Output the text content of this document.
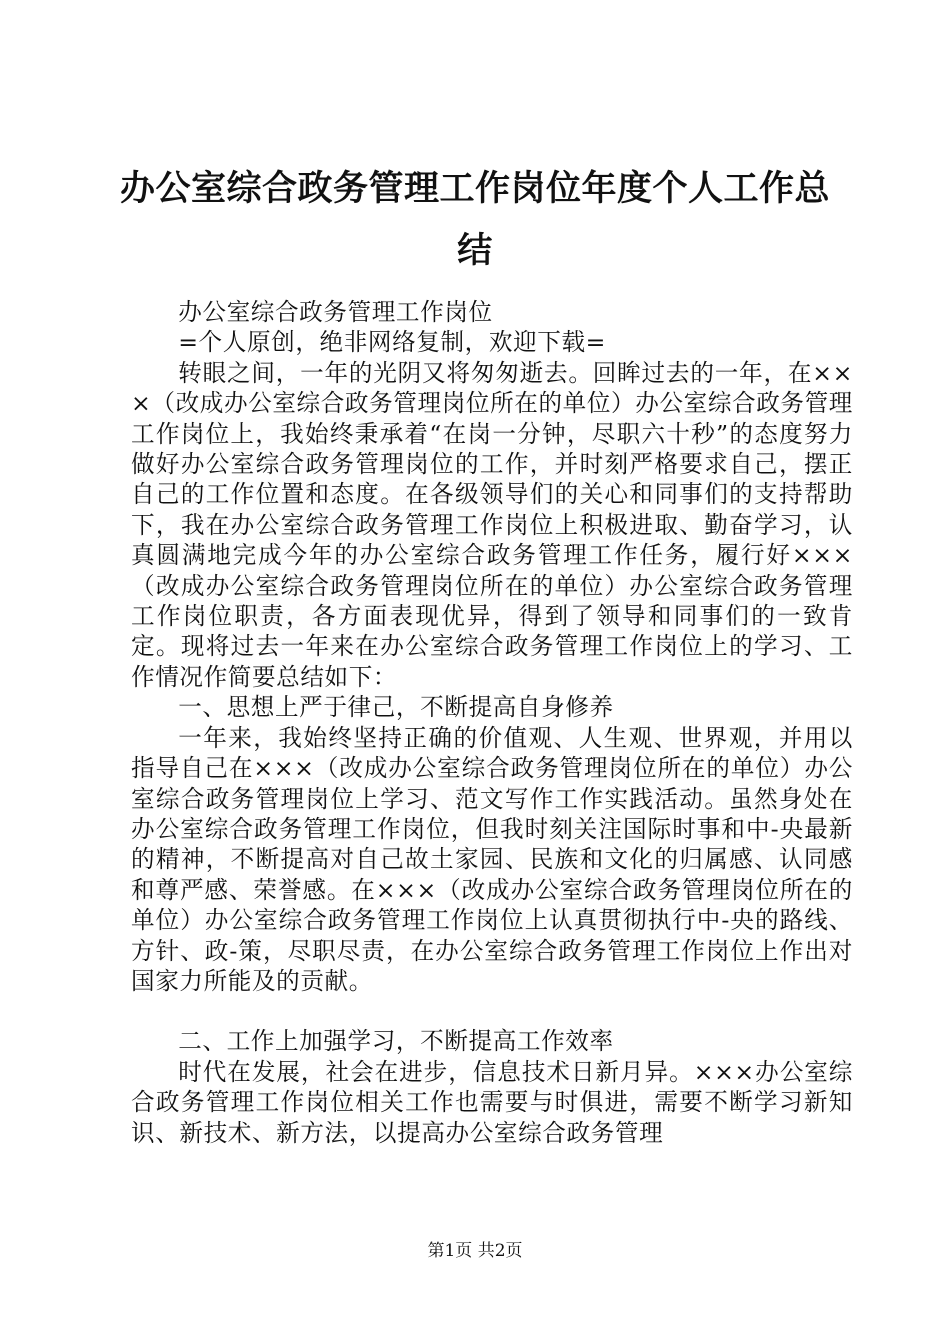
办公室综合政务管理工作岗位年度个人工作总结

办公室综合政务管理工作岗位

=个人原创，绝非网络复制，欢迎下载=

转眼之间，一年的光阴又将匆匆逝去。回眸过去的一年，在×××（改成办公室综合政务管理岗位所在的单位）办公室综合政务管理工作岗位上，我始终秉承着“在岗一分钟，尽职六十秒”的态度努力做好办公室综合政务管理岗位的工作，并时刻严格要求自己，摆正自己的工作位置和态度。在各级领导们的关心和同事们的支持帮助下，我在办公室综合政务管理工作岗位上积极进取、勤奋学习，认真圆满地完成今年的办公室综合政务管理工作任务，履行好×××（改成办公室综合政务管理岗位所在的单位）办公室综合政务管理工作岗位职责，各方面表现优异，得到了领导和同事们的一致肯定。现将过去一年来在办公室综合政务管理工作岗位上的学习、工作情况作简要总结如下：

一、思想上严于律己，不断提高自身修养

一年来，我始终坚持正确的价值观、人生观、世界观，并用以指导自己在×××（改成办公室综合政务管理岗位所在的单位）办公室综合政务管理岗位上学习、范文写作工作实践活动。虽然身处在办公室综合政务管理工作岗位，但我时刻关注国际时事和中-央最新的精神，不断提高对自己故土家园、民族和文化的归属感、认同感和尊严感、荣誉感。在×××（改成办公室综合政务管理岗位所在的单位）办公室综合政务管理工作岗位上认真贯彻执行中-央的路线、方针、政-策，尽职尽责，在办公室综合政务管理工作岗位上作出对国家力所能及的贡献。

二、工作上加强学习，不断提高工作效率

时代在发展，社会在进步，信息技术日新月异。×××办公室综合政务管理工作岗位相关工作也需要与时俱进，需要不断学习新知识、新技术、新方法，以提高办公室综合政务管理

第1页 共2页
